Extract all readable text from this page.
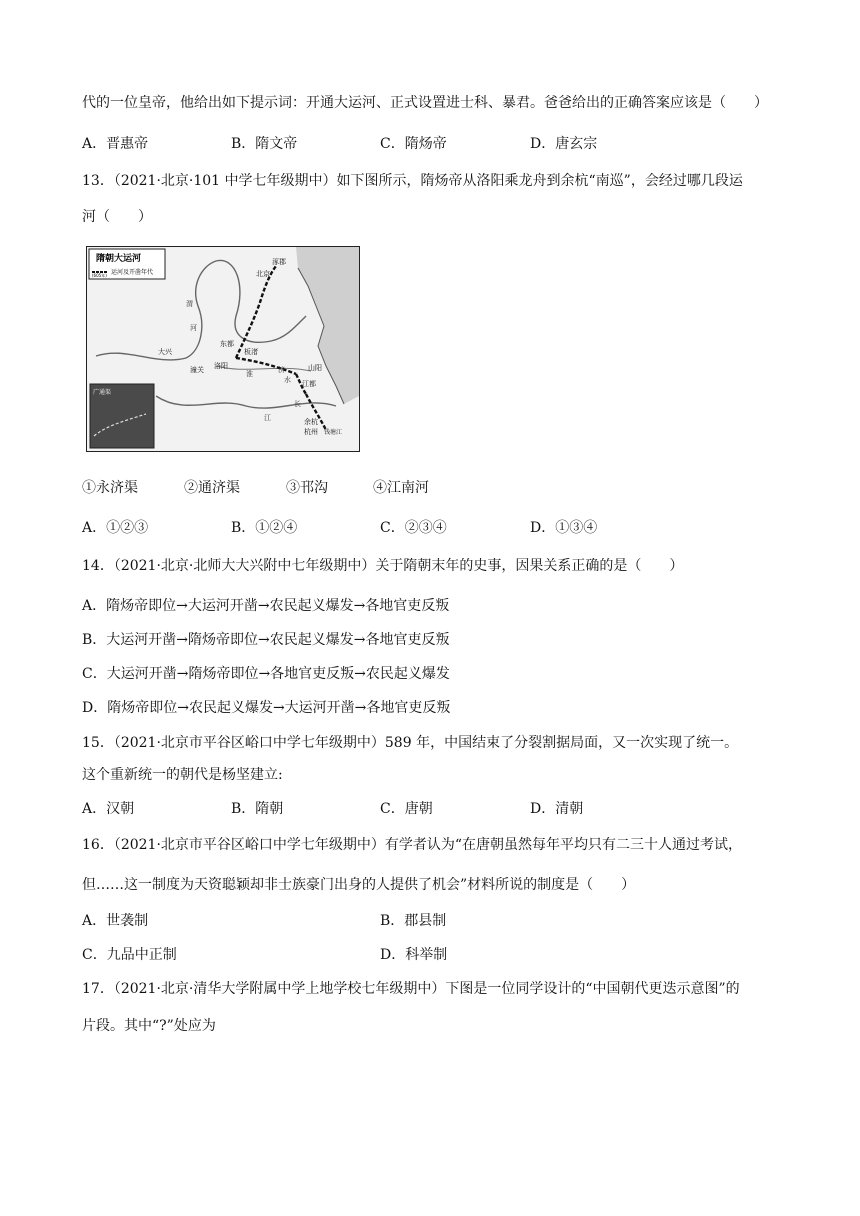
代的一位皇帝，他给出如下提示词：开通大运河、正式设置进士科、暴君。爸爸给出的正确答案应该是（　　）
A．晋惠帝	B．隋文帝	C．隋炀帝	D．唐玄宗
13．（2021·北京·101 中学七年级期中）如下图所示，隋炀帝从洛阳乘龙舟到余杭“南巡”，会经过哪几段运
河（　　）
广通渠
隋朝大运河
(605年) 运河及开凿年代
涿郡
北京
大兴
潼关
东都
洛阳
板渚
山阳
江都
余杭
杭州 钱塘江
渭
河
济
水
淮
长
江
①永济渠	②通济渠	③邗沟	④江南河
A．①②③	B．①②④	C．②③④	D．①③④
14．（2021·北京·北师大大兴附中七年级期中）关于隋朝末年的史事，因果关系正确的是（　　）
A．隋炀帝即位→大运河开凿→农民起义爆发→各地官吏反叛
B．大运河开凿→隋炀帝即位→农民起义爆发→各地官吏反叛
C．大运河开凿→隋炀帝即位→各地官吏反叛→农民起义爆发
D．隋炀帝即位→农民起义爆发→大运河开凿→各地官吏反叛
15．（2021·北京市平谷区峪口中学七年级期中）589 年，中国结束了分裂割据局面，又一次实现了统一。
这个重新统一的朝代是杨坚建立:
A．汉朝	B．隋朝	C．唐朝	D．清朝
16．（2021·北京市平谷区峪口中学七年级期中）有学者认为“在唐朝虽然每年平均只有二三十人通过考试，
但……这一制度为天资聪颖却非士族豪门出身的人提供了机会”材料所说的制度是（　　）
A．世袭制	B．郡县制
C．九品中正制	D．科举制
17．（2021·北京·清华大学附属中学上地学校七年级期中）下图是一位同学设计的“中国朝代更迭示意图”的
片段。其中“?”处应为
